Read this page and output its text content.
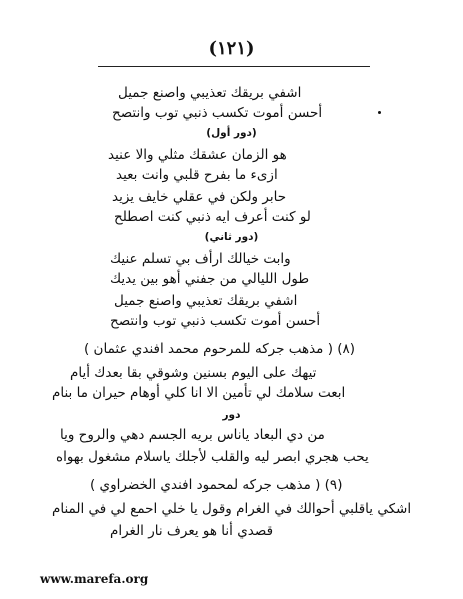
(١٢١)
اشفي بريقك تعذيبي واصنع جميل
أحسن أموت تكسب ذنبي توب وانتصح
(دور أول)
هو الزمان عشقك مثلي والا عنيد
ازىء ما بفرح قلبي وانت بعيد
حابر ولكن في عقلي خايف يزيد
لو كنت أعرف ايه ذنبي كنت اصطلح
(دور ثاني)
وابت خيالك ارأف بي تسلم عنيك
طول الليالي من جفني أهو بين يديك
اشفي بريقك تعذيبي واصنع جميل
أحسن أموت تكسب ذنبي توب وانتصح
(٨) ( مذهب جركه للمرحوم محمد افندي عثمان )
تيهك على اليوم بسنين وشوقي بقا بعدك أيام
ابعت سلامك لي تأمين الا انا كلي أوهام حيران ما بنام
دور
من دي البعاد ياناس بريه الجسم دهي والروح ويا
يحب هجري ابصر ليه والقلب لأجلك ياسلام مشغول بهواه
(٩) ( مذهب جركه لمحمود افندي الخضراوي )
اشكي ياقلبي أحوالك في الغرام وقول يا خلي احمع لي في المنام
قصدي أنا هو يعرف نار الغرام
www.marefa.org
